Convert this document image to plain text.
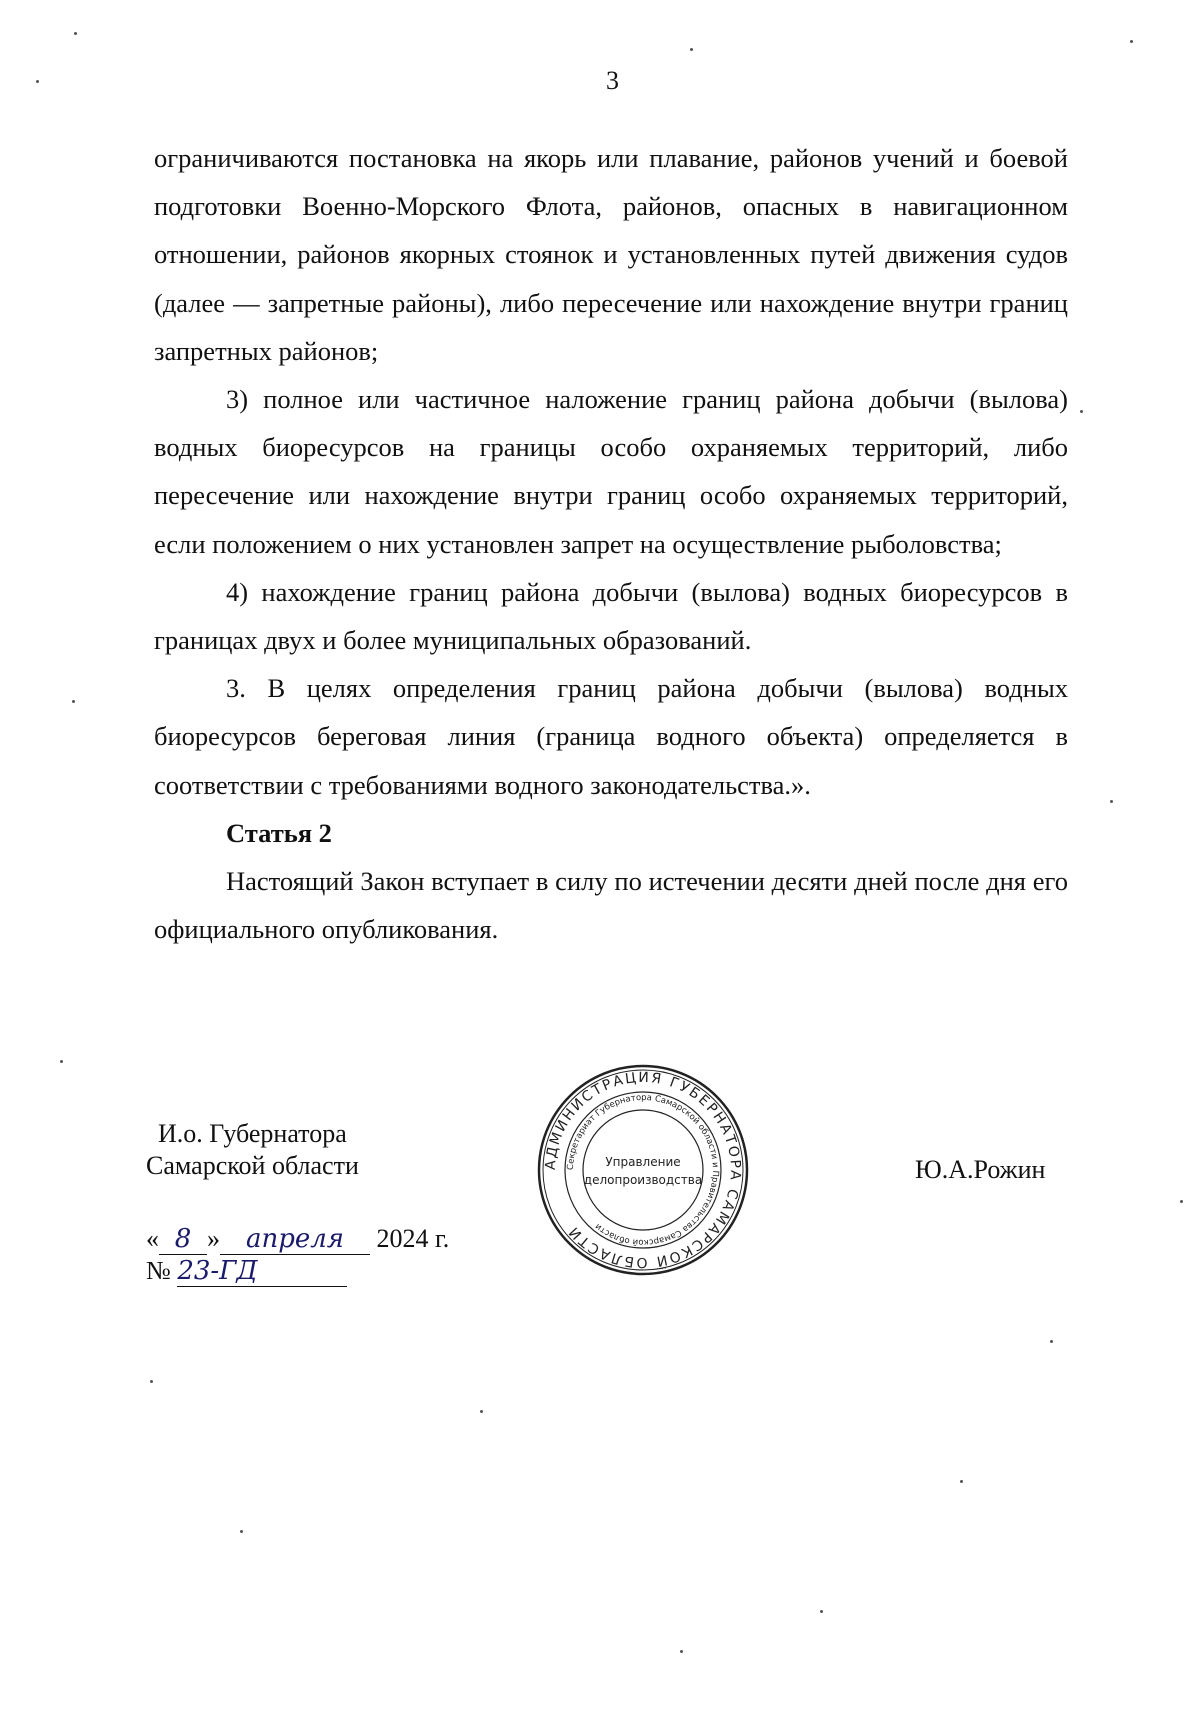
3

ограничиваются постановка на якорь или плавание, районов учений и боевой подготовки Военно-Морского Флота, районов, опасных в навигационном отношении, районов якорных стоянок и установленных путей движения судов (далее — запретные районы), либо пересечение или нахождение внутри границ запретных районов;

3) полное или частичное наложение границ района добычи (вылова) водных биоресурсов на границы особо охраняемых территорий, либо пересечение или нахождение внутри границ особо охраняемых территорий, если положением о них установлен запрет на осуществление рыболовства;

4) нахождение границ района добычи (вылова) водных биоресурсов в границах двух и более муниципальных образований.

3. В целях определения границ района добычи (вылова) водных биоресурсов береговая линия (граница водного объекта) определяется в соответствии с требованиями водного законодательства.».

Статья 2

Настоящий Закон вступает в силу по истечении десяти дней после дня его официального опубликования.

И.о. Губернатора
Самарской области	АДМИНИСТРАЦИЯ ГУБЕРНАТОРА САМАРСКОЙ ОБЛАСТИ
Секретариат Губернатора Самарской области и Правительства Самарской области
Управление
делопроизводства	Ю.А.Рожин
« 8 » апреля 2024 г.
№ 23-ГД
